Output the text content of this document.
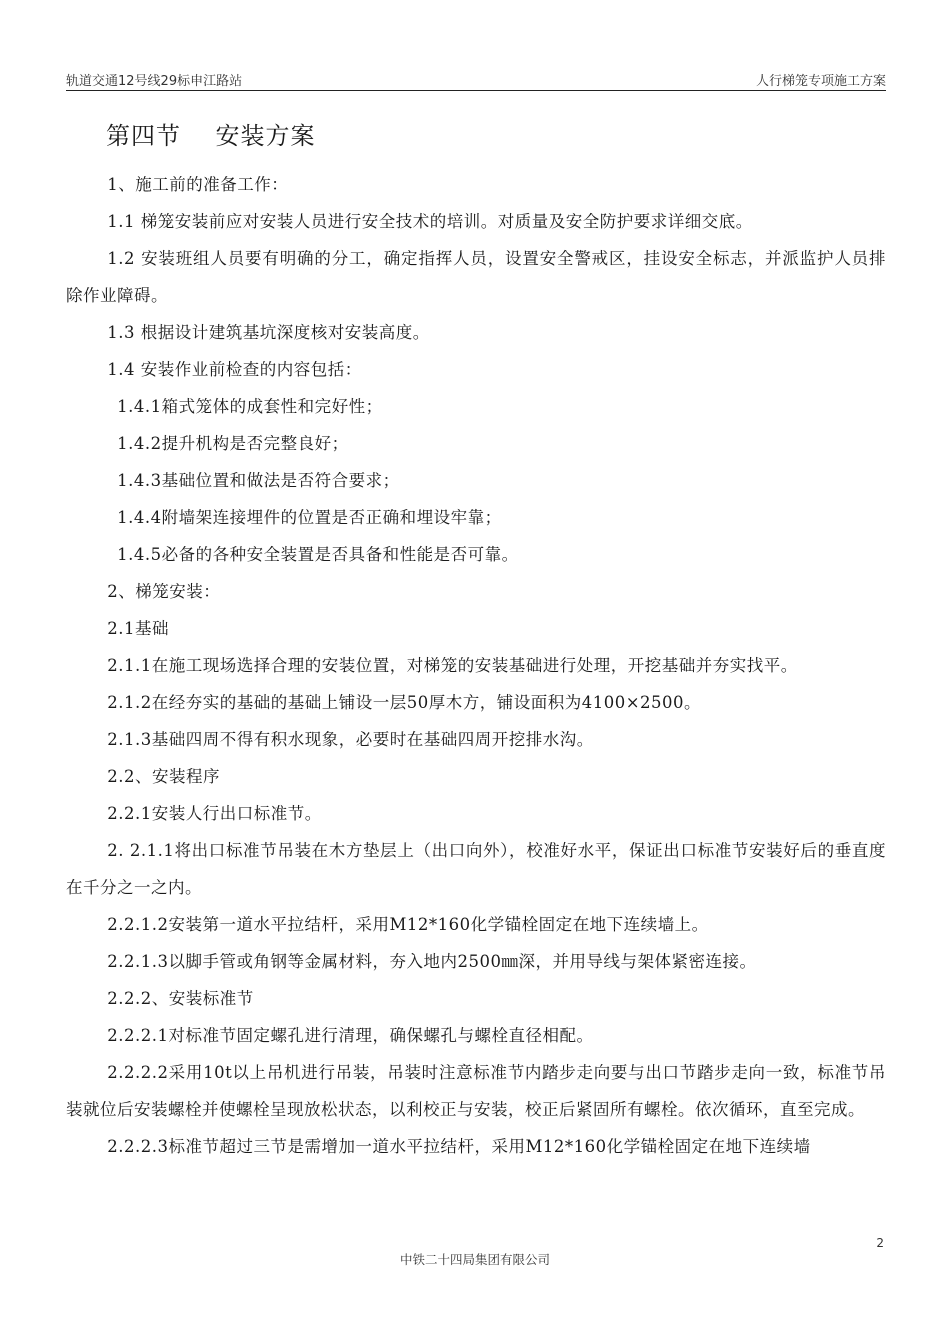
轨道交通12号线29标申江路站	人行梯笼专项施工方案
第四节    安装方案

1、施工前的准备工作：

1.1 梯笼安装前应对安装人员进行安全技术的培训。对质量及安全防护要求详细交底。

1.2 安装班组人员要有明确的分工，确定指挥人员，设置安全警戒区，挂设安全标志，并派监护人员排除作业障碍。

1.3 根据设计建筑基坑深度核对安装高度。

1.4 安装作业前检查的内容包括：

1.4.1箱式笼体的成套性和完好性；

1.4.2提升机构是否完整良好；

1.4.3基础位置和做法是否符合要求；

1.4.4附墙架连接埋件的位置是否正确和埋设牢靠；

1.4.5必备的各种安全装置是否具备和性能是否可靠。

2、梯笼安装：

2.1基础

2.1.1在施工现场选择合理的安装位置，对梯笼的安装基础进行处理，开挖基础并夯实找平。

2.1.2在经夯实的基础的基础上铺设一层50厚木方，铺设面积为4100×2500。

2.1.3基础四周不得有积水现象，必要时在基础四周开挖排水沟。

2.2、安装程序

2.2.1安装人行出口标准节。

2. 2.1.1将出口标准节吊装在木方垫层上（出口向外），校准好水平，保证出口标准节安装好后的垂直度在千分之一之内。

2.2.1.2安装第一道水平拉结杆，采用M12*160化学锚栓固定在地下连续墙上。

2.2.1.3以脚手管或角钢等金属材料，夯入地内2500㎜深，并用导线与架体紧密连接。

2.2.2、安装标准节

2.2.2.1对标准节固定螺孔进行清理，确保螺孔与螺栓直径相配。

2.2.2.2采用10t以上吊机进行吊装，吊装时注意标准节内踏步走向要与出口节踏步走向一致，标准节吊装就位后安装螺栓并使螺栓呈现放松状态，以利校正与安装，校正后紧固所有螺栓。依次循环，直至完成。

2.2.2.3标准节超过三节是需增加一道水平拉结杆，采用M12*160化学锚栓固定在地下连续墙

2
中铁二十四局集团有限公司
